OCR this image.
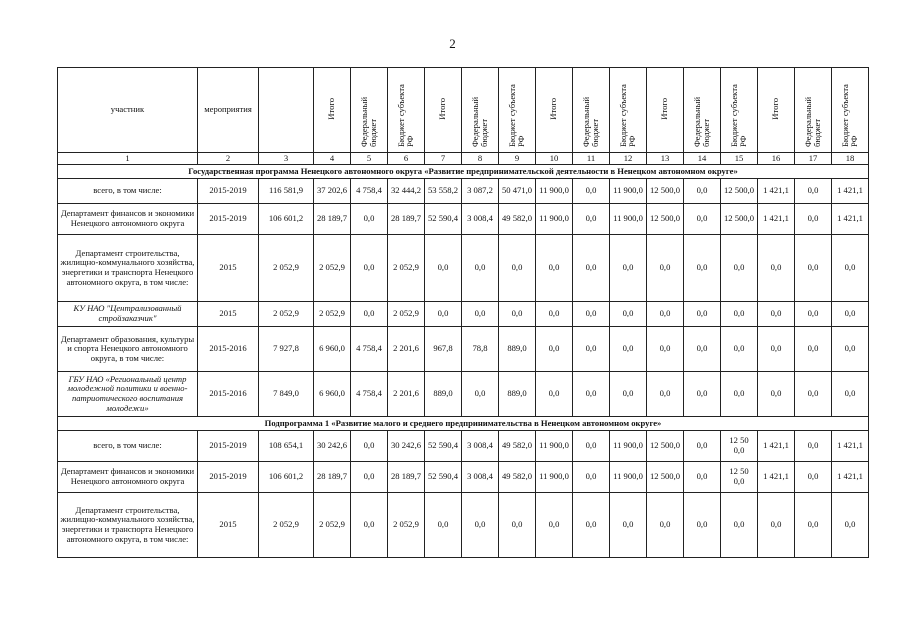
2
участник	мероприятия		Итого	Федеральный бюджет	Бюджет субъекта РФ	Итого	Федеральный бюджет	Бюджет субъекта РФ	Итого	Федеральный бюджет	Бюджет субъекта РФ	Итого	Федеральный бюджет	Бюджет субъекта РФ	Итого	Федеральный бюджет	Бюджет субъекта РФ
1	2	3	4	5	6	7	8	9	10	11	12	13	14	15	16	17	18
Государственная программа Ненецкого автономного округа «Развитие предпринимательской деятельности в Ненецком автономном округе»																	
всего, в том числе:	2015-2019	116 581,9	37 202,6	4 758,4	32 444,2	53 558,2	3 087,2	50 471,0	11 900,0	0,0	11 900,0	12 500,0	0,0	12 500,0	1 421,1	0,0	1 421,1
Департамент финансов и экономики Ненецкого автономного округа	2015-2019	106 601,2	28 189,7	0,0	28 189,7	52 590,4	3 008,4	49 582,0	11 900,0	0,0	11 900,0	12 500,0	0,0	12 500,0	1 421,1	0,0	1 421,1
Департамент строительства, жилищно-коммунального хозяйства, энергетики и транспорта Ненецкого автономного округа, в том числе:	2015	2 052,9	2 052,9	0,0	2 052,9	0,0	0,0	0,0	0,0	0,0	0,0	0,0	0,0	0,0	0,0	0,0	0,0
КУ НАО "Централизованный стройзаказчик"	2015	2 052,9	2 052,9	0,0	2 052,9	0,0	0,0	0,0	0,0	0,0	0,0	0,0	0,0	0,0	0,0	0,0	0,0
Департамент образования, культуры и спорта Ненецкого автономного округа, в том числе:	2015-2016	7 927,8	6 960,0	4 758,4	2 201,6	967,8	78,8	889,0	0,0	0,0	0,0	0,0	0,0	0,0	0,0	0,0	0,0
ГБУ НАО «Региональный центр молодежной политики и военно-патриотического воспитания молодежи»	2015-2016	7 849,0	6 960,0	4 758,4	2 201,6	889,0	0,0	889,0	0,0	0,0	0,0	0,0	0,0	0,0	0,0	0,0	0,0
Подпрограмма 1 «Развитие малого и среднего предпринимательства в Ненецком автономном округе»																	
всего, в том числе:	2015-2019	108 654,1	30 242,6	0,0	30 242,6	52 590,4	3 008,4	49 582,0	11 900,0	0,0	11 900,0	12 500,0	0,0	12 50 0,0	1 421,1	0,0	1 421,1
Департамент финансов и экономики Ненецкого автономного округа	2015-2019	106 601,2	28 189,7	0,0	28 189,7	52 590,4	3 008,4	49 582,0	11 900,0	0,0	11 900,0	12 500,0	0,0	12 50 0,0	1 421,1	0,0	1 421,1
Департамент строительства, жилищно-коммунального хозяйства, энергетики и транспорта Ненецкого автономного округа, в том числе:	2015	2 052,9	2 052,9	0,0	2 052,9	0,0	0,0	0,0	0,0	0,0	0,0	0,0	0,0	0,0	0,0	0,0	0,0
